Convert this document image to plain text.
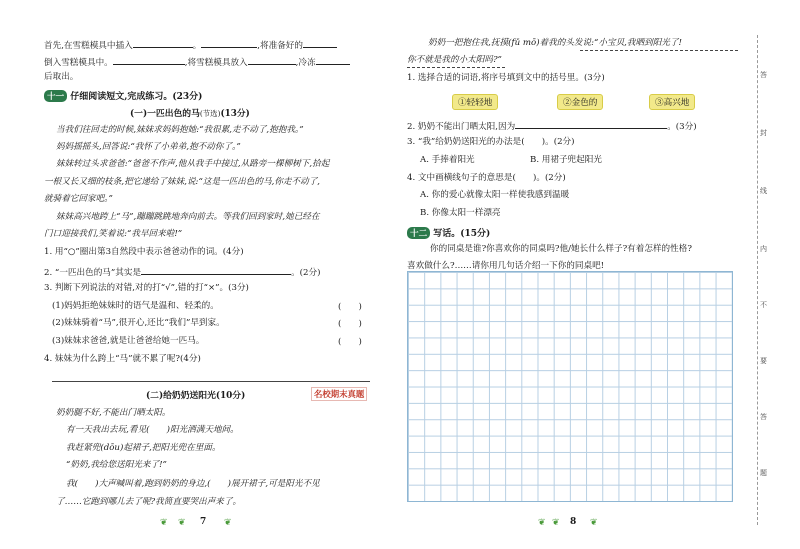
首先,在雪糕模具中插入	。	,将准备好的
倒入雪糕模具中。	,将雪糕模具放入	,冷冻
后取出。
十一 仔细阅读短文,完成练习。(23分)
(一)一匹出色的马(节选)(13分)
当我们往回走的时候,妹妹求妈妈抱她:“我很累,走不动了,抱抱我。”
妈妈摇摇头,回答说:“我怀了小弟弟,抱不动你了。”
妹妹转过头求爸爸:“爸爸不作声,他从我手中接过,从路旁一棵柳树下,拾起
一根又长又细的枝条,把它递给了妹妹,说:“这是一匹出色的马,你走不动了,
就骑着它回家吧。”
妹妹高兴地跨上“马”,蹦蹦跳跳地奔向前去。等我们回到家时,她已经在
门口迎接我们,笑着说:“我早回来啦!”
1. 用“○”圈出第3自然段中表示爸爸动作的词。(4分)
2. “一匹出色的马”其实是	。(2分)
3. 判断下列说法的对错,对的打“√”,错的打“×”。(3分)
(1)妈妈拒绝妹妹时的语气是温和、轻柔的。	(　　)
(2)妹妹骑着“马”,很开心,还比“我们”早到家。	(　　)
(3)妹妹求爸爸,就是让爸爸给她一匹马。	(　　)
4. 妹妹为什么跨上“马”就不累了呢?(4分)
(二)给奶奶送阳光(10分)	名校期末真题
奶奶腿不好,不能出门晒太阳。
有一天我出去玩,看见(　　)阳光洒满天地间。
我赶紧兜(dōu)起裙子,把阳光兜在里面。
“奶奶,我给您送阳光来了!”
我(　　)大声喊叫着,跑到奶奶的身边,(　　)展开裙子,可是阳光不见
了……它跑到哪儿去了呢?我简直要哭出声来了。
❦ ❦ 7 ❦
奶奶一把抱住我,抚摸(fǔ mō)着我的头发说:“小宝贝,我晒到阳光了!
你不就是我的小太阳吗?”
1. 选择合适的词语,将序号填到文中的括号里。(3分)
①轻轻地	②金色的	③高兴地
2. 奶奶不能出门晒太阳,因为	。(3分)
3. “我”给奶奶送阳光的办法是(　　)。(2分)
A. 手捧着阳光	B. 用裙子兜起阳光
4. 文中画横线句子的意思是(　　)。(2分)
A. 你的爱心就像太阳一样使我感到温暖
B. 你像太阳一样漂亮
十二 写话。(15分)
你的同桌是谁?你喜欢你的同桌吗?他/她长什么样子?有着怎样的性格?
喜欢做什么?……请你用几句话介绍一下你的同桌吧!
答
封
线
内
不
要
答
题
❦ ❦ 8 ❦
